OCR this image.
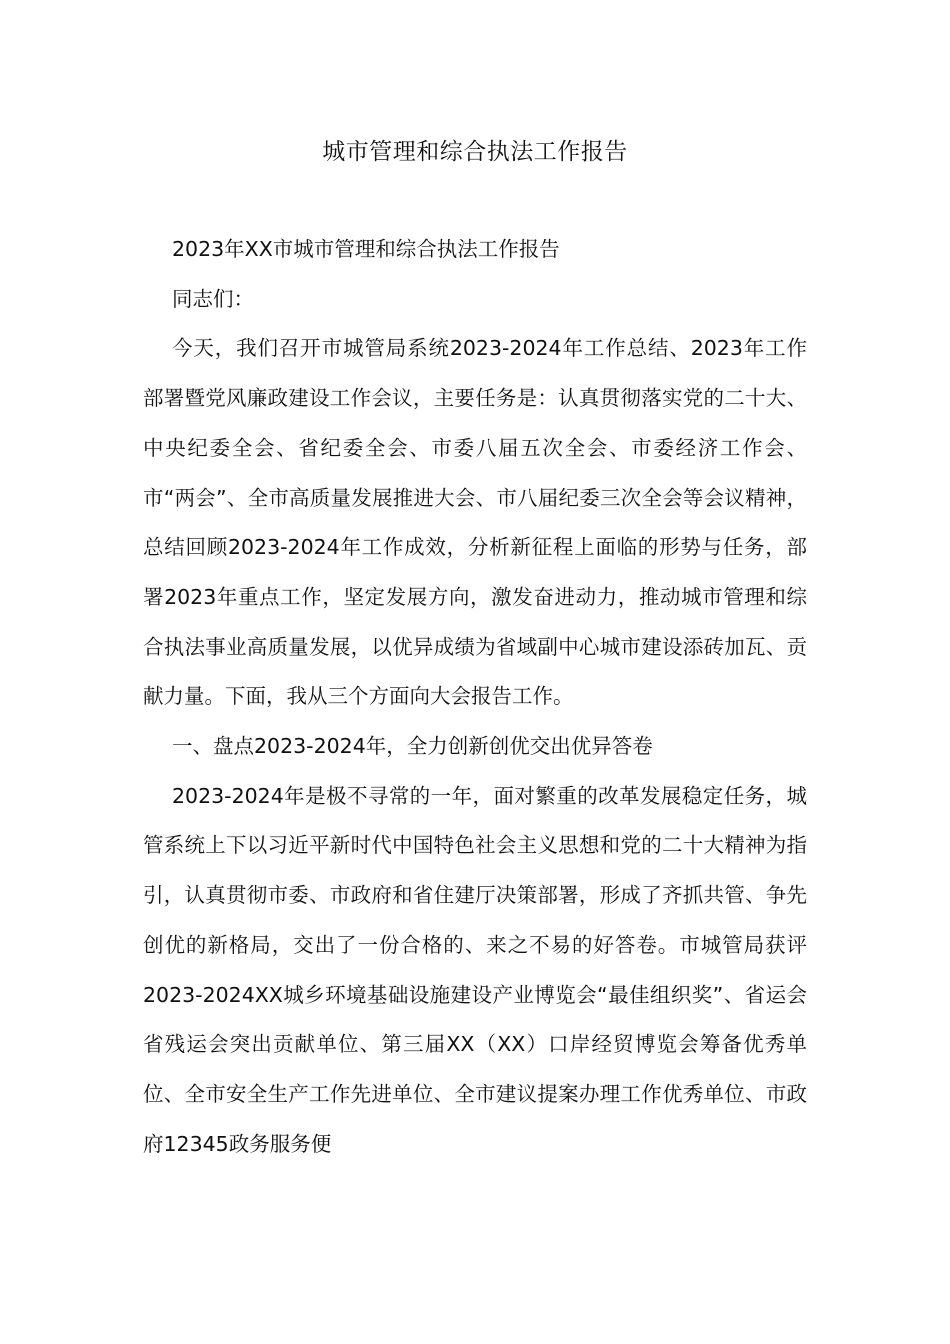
城市管理和综合执法工作报告

2023年XX市城市管理和综合执法工作报告

同志们：

今天，我们召开市城管局系统2023-2024年工作总结、2023年工作部署暨党风廉政建设工作会议，主要任务是：认真贯彻落实党的二十大、中央纪委全会、省纪委全会、市委八届五次全会、市委经济工作会、市“两会”、全市高质量发展推进大会、市八届纪委三次全会等会议精神，总结回顾2023-2024年工作成效，分析新征程上面临的形势与任务，部署2023年重点工作，坚定发展方向，激发奋进动力，推动城市管理和综合执法事业高质量发展，以优异成绩为省域副中心城市建设添砖加瓦、贡献力量。下面，我从三个方面向大会报告工作。

一、盘点2023-2024年，全力创新创优交出优异答卷

2023-2024年是极不寻常的一年，面对繁重的改革发展稳定任务，城管系统上下以习近平新时代中国特色社会主义思想和党的二十大精神为指引，认真贯彻市委、市政府和省住建厅决策部署，形成了齐抓共管、争先创优的新格局，交出了一份合格的、来之不易的好答卷。市城管局获评2023-2024XX城乡环境基础设施建设产业博览会“最佳组织奖”、省运会省残运会突出贡献单位、第三届XX（XX）口岸经贸博览会筹备优秀单位、全市安全生产工作先进单位、全市建议提案办理工作优秀单位、市政府12345政务服务便
